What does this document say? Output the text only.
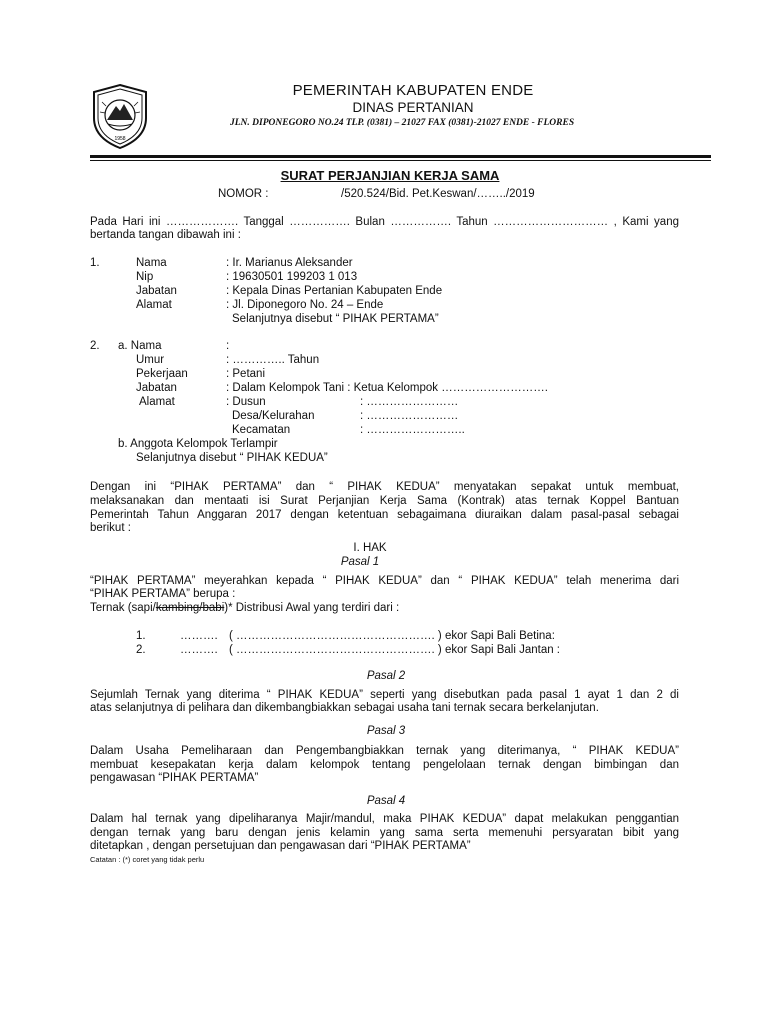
1958
PEMERINTAH KABUPATEN ENDE
DINAS PERTANIAN
JLN. DIPONEGORO NO.24 TLP. (0381) – 21027 FAX (0381)-21027 ENDE - FLORES
SURAT PERJANJIAN KERJA SAMA
NOMOR :	/520.524/Bid. Pet.Keswan/……../2019
Pada Hari ini ………………. Tanggal ……………. Bulan ……………. Tahun ………………………… , Kami yang
bertanda tangan dibawah ini :
1.	Nama	: Ir. Marianus Aleksander
Nip	: 19630501 199203 1 013
Jabatan	: Kepala Dinas Pertanian Kabupaten Ende
Alamat	: Jl. Diponegoro No. 24 – Ende
Selanjutnya disebut “ PIHAK PERTAMA”
2. a. Nama	:
Umur	: ………….. Tahun
Pekerjaan	: Petani
Jabatan	: Dalam Kelompok Tani : Ketua Kelompok ……………………….
Alamat	: Dusun	: ……………………
Desa/Kelurahan	: ……………………
Kecamatan	: ……………………..
b. Anggota Kelompok Terlampir
Selanjutnya disebut “ PIHAK KEDUA”
Dengan ini “PIHAK PERTAMA” dan “ PIHAK KEDUA” menyatakan sepakat untuk membuat,
melaksanakan dan mentaati isi Surat Perjanjian Kerja Sama (Kontrak) atas ternak Koppel Bantuan
Pemerintah Tahun Anggaran 2017 dengan ketentuan sebagaimana diuraikan dalam pasal-pasal sebagai
berikut :
I. HAK
Pasal 1
“PIHAK PERTAMA” meyerahkan kepada “ PIHAK KEDUA” dan “ PIHAK KEDUA” telah menerima dari
“PIHAK PERTAMA” berupa :
Ternak (sapi/kambing/babi)* Distribusi Awal yang terdiri dari :
1.	………. ( ……………………………………………. ) ekor Sapi Bali Betina:
2.	………. ( ……………………………………………. ) ekor Sapi Bali Jantan :
Pasal 2
Sejumlah Ternak yang diterima “ PIHAK KEDUA” seperti yang disebutkan pada pasal 1 ayat 1 dan 2 di
atas selanjutnya di pelihara dan dikembangbiakkan sebagai usaha tani ternak secara berkelanjutan.
Pasal 3
Dalam Usaha Pemeliharaan dan Pengembangbiakkan ternak yang diterimanya, “ PIHAK KEDUA”
membuat kesepakatan kerja dalam kelompok tentang pengelolaan ternak dengan bimbingan dan
pengawasan “PIHAK PERTAMA”
Pasal 4
Dalam hal ternak yang dipeliharanya Majir/mandul, maka PIHAK KEDUA” dapat melakukan penggantian
dengan ternak yang baru dengan jenis kelamin yang sama serta memenuhi persyaratan bibit yang
ditetapkan , dengan persetujuan dan pengawasan dari “PIHAK PERTAMA”
Catatan : (*) coret yang tidak perlu
